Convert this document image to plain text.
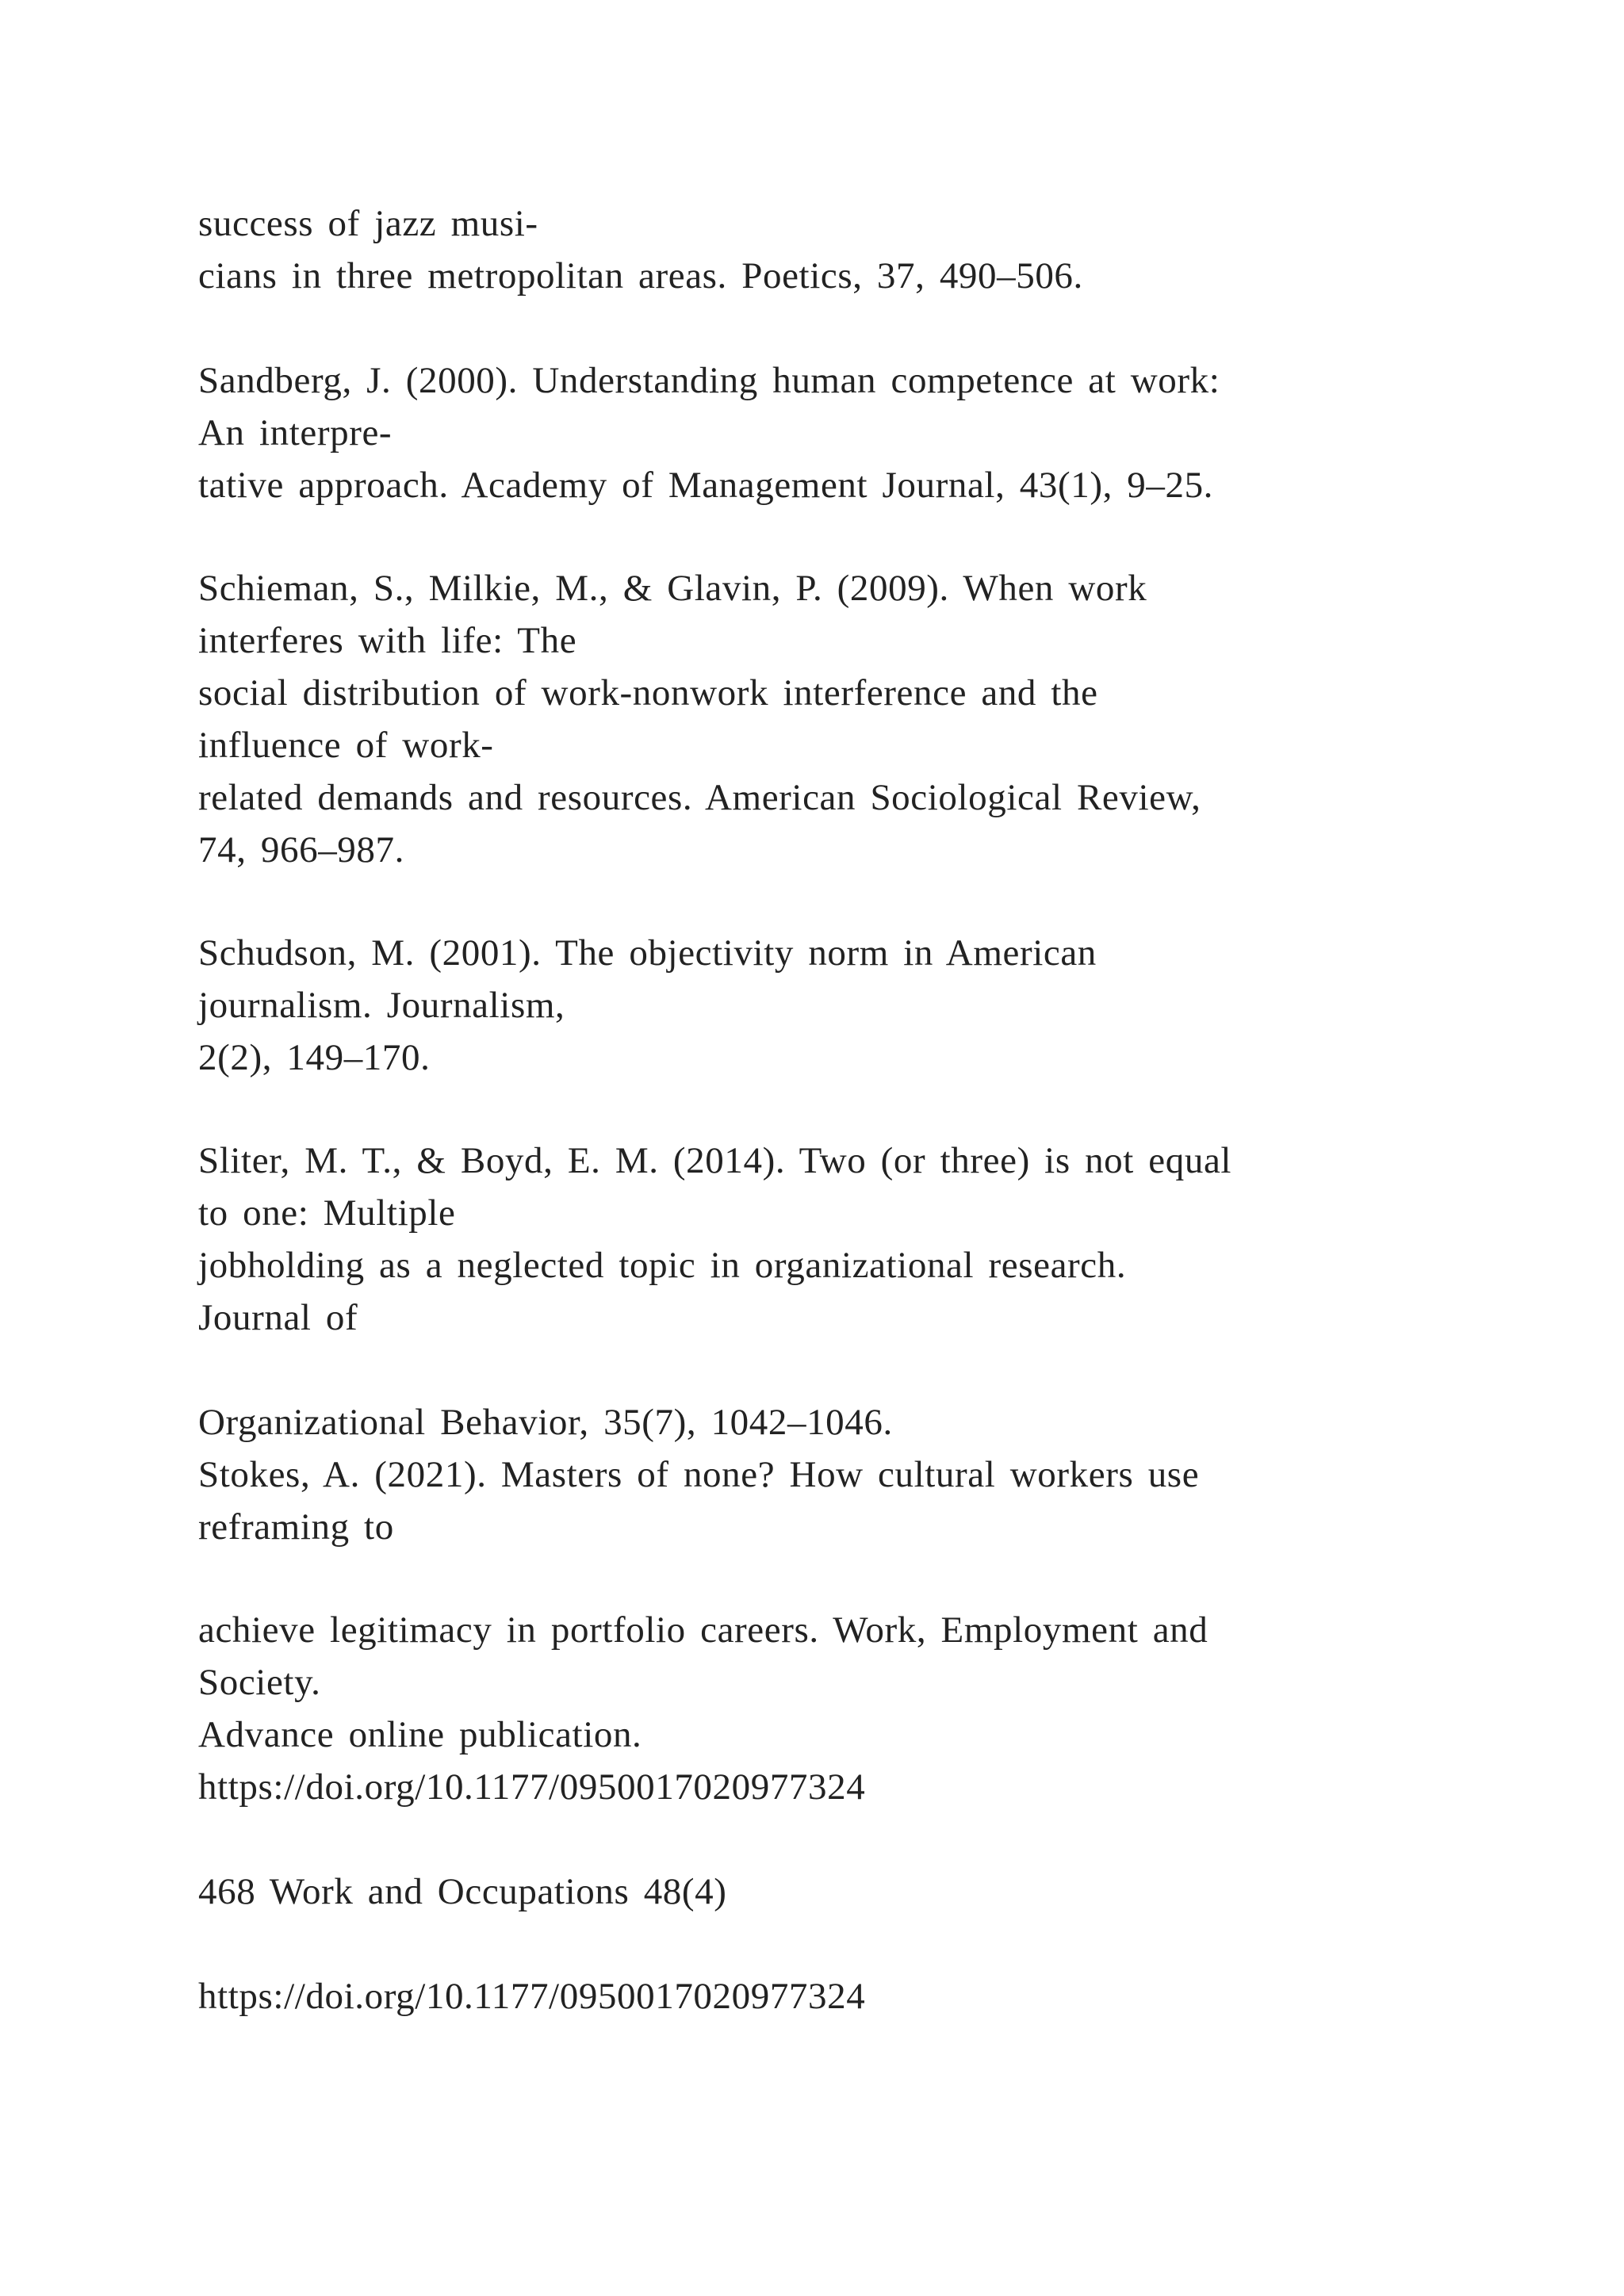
success of jazz musi-

cians in three metropolitan areas. Poetics, 37, 490–506.

Sandberg, J. (2000). Understanding human competence at work:

An interpre-

tative approach. Academy of Management Journal, 43(1), 9–25.

Schieman, S., Milkie, M., & Glavin, P. (2009). When work

interferes with life: The

social distribution of work-nonwork interference and the

influence of work-

related demands and resources. American Sociological Review,

74, 966–987.

Schudson, M. (2001). The objectivity norm in American

journalism. Journalism,

2(2), 149–170.

Sliter, M. T., & Boyd, E. M. (2014). Two (or three) is not equal

to one: Multiple

jobholding as a neglected topic in organizational research.

Journal of

Organizational Behavior, 35(7), 1042–1046.

Stokes, A. (2021). Masters of none? How cultural workers use

reframing to

achieve legitimacy in portfolio careers. Work, Employment and

Society.

Advance online publication.

https://doi.org/10.1177/0950017020977324

468 Work and Occupations 48(4)

https://doi.org/10.1177/0950017020977324
